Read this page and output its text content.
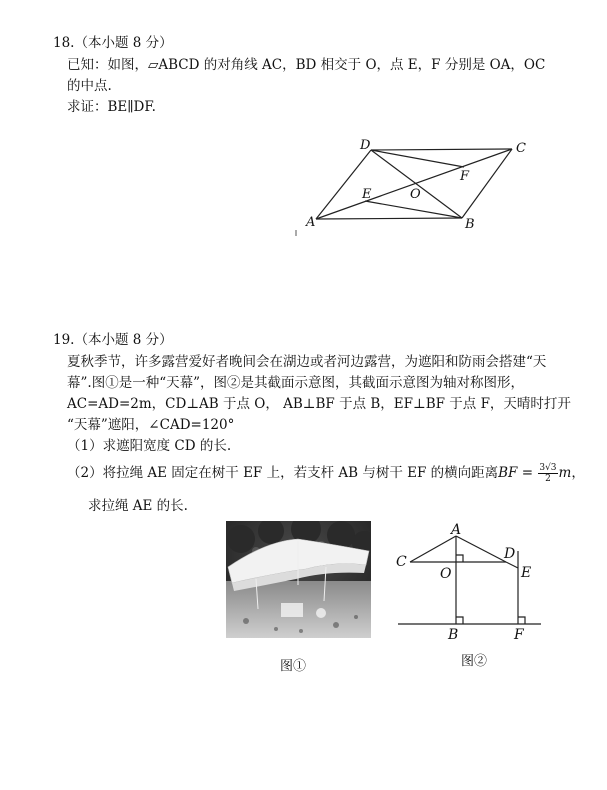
18.（本小题 8 分）
已知：如图，▱ABCD 的对角线 AC，BD 相交于 O，点 E，F 分别是 OA，OC
的中点.
求证：BE∥DF.
D	C
A	B
E
F
O
19.（本小题 8 分）
夏秋季节，许多露营爱好者晚间会在湖边或者河边露营，为遮阳和防雨会搭建“天
幕”.图①是一种“天幕”，图②是其截面示意图，其截面示意图为轴对称图形，
AC=AD=2m，CD⊥AB 于点 O， AB⊥BF 于点 B，EF⊥BF 于点 F，天晴时打开
“天幕”遮阳，∠CAD=120°
（1）求遮阳宽度 CD 的长.
（2）将拉绳 AE 固定在树干 EF 上，若支杆 AB 与树干 EF 的横向距离BF = $\frac{3√3}{2}$ m，
求拉绳 AE 的长.
图①
A
C	D
E
O
B	F
图②
